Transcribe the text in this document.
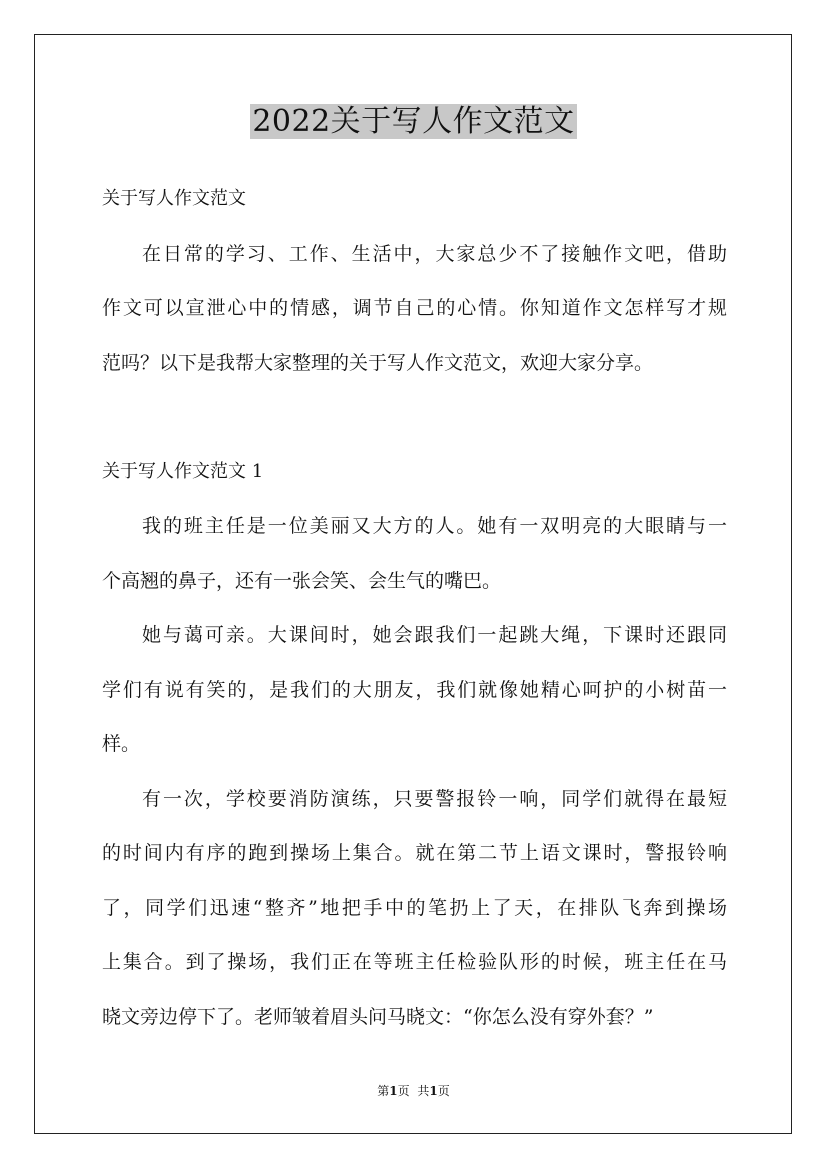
2022关于写人作文范文
关于写人作文范文
在日常的学习、工作、生活中，大家总少不了接触作文吧，借助
作文可以宣泄心中的情感，调节自己的心情。你知道作文怎样写才规
范吗？以下是我帮大家整理的关于写人作文范文，欢迎大家分享。
关于写人作文范文 1
我的班主任是一位美丽又大方的人。她有一双明亮的大眼睛与一
个高翘的鼻子，还有一张会笑、会生气的嘴巴。
她与蔼可亲。大课间时，她会跟我们一起跳大绳，下课时还跟同
学们有说有笑的，是我们的大朋友，我们就像她精心呵护的小树苗一
样。
有一次，学校要消防演练，只要警报铃一响，同学们就得在最短
的时间内有序的跑到操场上集合。就在第二节上语文课时，警报铃响
了，同学们迅速“整齐”地把手中的笔扔上了天，在排队飞奔到操场
上集合。到了操场，我们正在等班主任检验队形的时候，班主任在马
晓文旁边停下了。老师皱着眉头问马晓文：“你怎么没有穿外套？”
第1页 共1页
